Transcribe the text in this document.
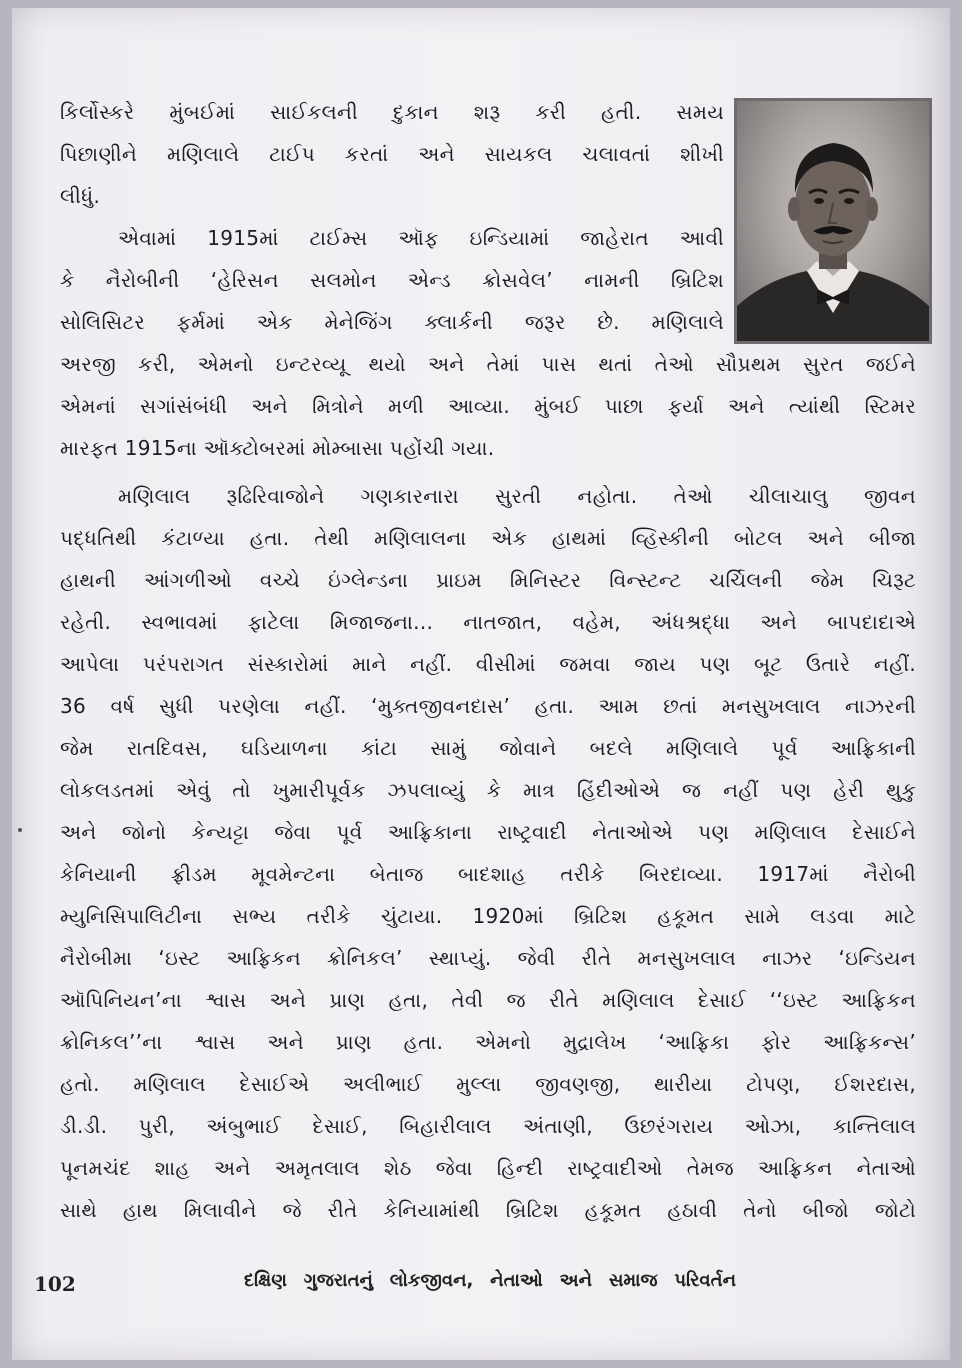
કિર્લોસ્કરે મુંબઈમાં સાઈકલની દુકાન શરૂ કરી હતી. સમય

પિછાણીને મણિલાલે ટાઈપ કરતાં અને સાયકલ ચલાવતાં શીખી

લીધું.

એવામાં 1915માં ટાઈમ્સ ઑફ ઇન્ડિયામાં જાહેરાત આવી

કે નૈરોબીની ‘હેરિસન સલમોન એન્ડ ક્રોસવેલ’ નામની બ્રિટિશ

સોલિસિટર ફર્મમાં એક મેનેજિંગ ક્લાર્કની જરૂર છે. મણિલાલે

અરજી કરી, એમનો ઇન્ટરવ્યૂ થયો અને તેમાં પાસ થતાં તેઓ સૌપ્રથમ સુરત જઈને

એમનાં સગાંસંબંધી અને મિત્રોને મળી આવ્યા. મુંબઈ પાછા ફર્યા અને ત્યાંથી સ્ટિમર

મારફત 1915ના ઑક્ટોબરમાં મોમ્બાસા પહોંચી ગયા.

મણિલાલ રૂઢિરિવાજોને ગણકારનારા સુરતી નહોતા. તેઓ ચીલાચાલુ જીવન

પદ્ધતિથી કંટાળ્યા હતા. તેથી મણિલાલના એક હાથમાં વ્હિસ્કીની બોટલ અને બીજા

હાથની આંગળીઓ વચ્ચે ઇંગ્લેન્ડના પ્રાઇમ મિનિસ્ટર વિન્સ્ટન્ટ ચર્ચિલની જેમ ચિરૂટ

રહેતી. સ્વભાવમાં ફાટેલા મિજાજના... નાતજાત, વહેમ, અંધશ્રદ્ધા અને બાપદાદાએ

આપેલા પરંપરાગત સંસ્કારોમાં માને નહીં. વીસીમાં જમવા જાય પણ બૂટ ઉતારે નહીં.

36 વર્ષ સુધી પરણેલા નહીં. ‘મુક્તજીવનદાસ’ હતા. આમ છતાં મનસુખલાલ નાઝરની

જેમ રાતદિવસ, ઘડિયાળના કાંટા સામું જોવાને બદલે મણિલાલે પૂર્વ આફ્રિકાની

લોકલડતમાં એવું તો ખુમારીપૂર્વક ઝપલાવ્યું કે માત્ર હિંદીઓએ જ નહીં પણ હેરી થુકુ

અને જોનો કેન્યટ્ટા જેવા પૂર્વ આફ્રિકાના રાષ્ટ્રવાદી નેતાઓએ પણ મણિલાલ દેસાઈને

કેનિયાની ફ્રીડમ મૂવમેન્ટના બેતાજ બાદશાહ તરીકે બિરદાવ્યા. 1917માં નૈરોબી

મ્યુનિસિપાલિટીના સભ્ય તરીકે ચુંટાયા. 1920માં બ્રિટિશ હકૂમત સામે લડવા માટે

નૈરોબીમા ‘ઇસ્ટ આફ્રિકન ક્રોનિકલ’ સ્થાપ્યું. જેવી રીતે મનસુખલાલ નાઝર ‘ઇન્ડિયન

ઑપિનિયન’ના શ્વાસ અને પ્રાણ હતા, તેવી જ રીતે મણિલાલ દેસાઈ ‘‘ઇસ્ટ આફ્રિકન

ક્રોનિકલ’’ના શ્વાસ અને પ્રાણ હતા. એમનો મુદ્રાલેખ ‘આફ્રિકા ફોર આફ્રિકન્સ’

હતો. મણિલાલ દેસાઈએ અલીભાઈ મુલ્લા જીવણજી, થારીયા ટોપણ, ઈશરદાસ,

ડી.ડી. પુરી, અંબુભાઈ દેસાઈ, બિહારીલાલ અંતાણી, ઉછરંગરાય ઓઝા, કાન્તિલાલ

પૂનમચંદ શાહ અને અમૃતલાલ શેઠ જેવા હિન્દી રાષ્ટ્રવાદીઓ તેમજ આફ્રિકન નેતાઓ

સાથે હાથ મિલાવીને જે રીતે કેનિયામાંથી બ્રિટિશ હકૂમત હઠાવી તેનો બીજો જોટો

102	દક્ષિણ ગુજરાતનું લોકજીવન, નેતાઓ અને સમાજ પરિવર્તન
